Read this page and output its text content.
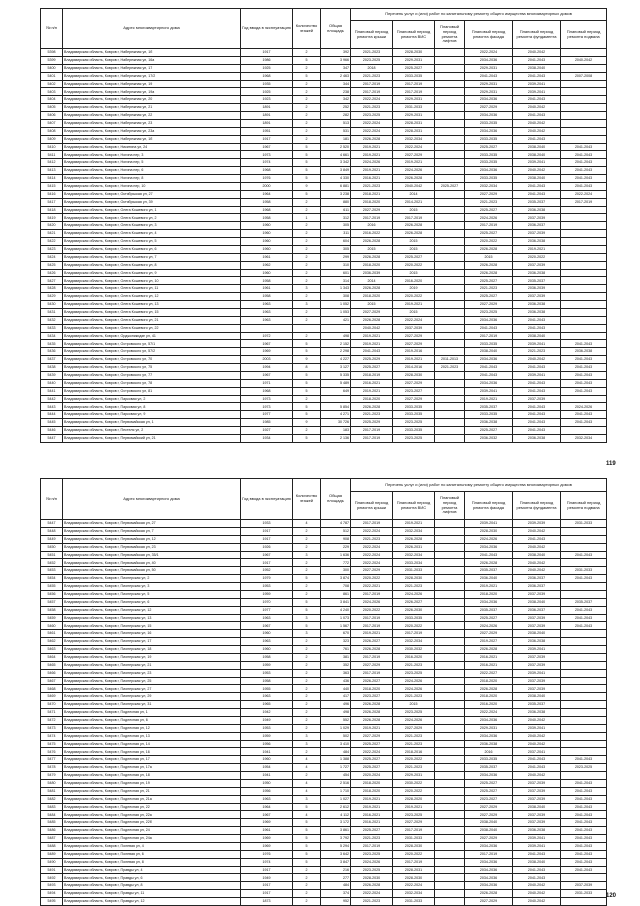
№ п/п	Адрес многоквартирного дома	Год ввода в эксплуатацию	Количество этажей	Общая площадь	Перечень услуг и (или) работ по капитальному ремонту общего имущества многоквартирных домов					
					Плановый период ремонта крыши	Плановый период ремонта ВИС	Плановый период ремонта лифтов	Плановый период ремонта фасада	Плановый период ремонта фундамента	Плановый период ремонта подвала
5398	Владимирская область, Ковров г, Набережная ул, 1б	1917	2	392	2021-2023	2028-2030		2022-2024	2040-2042	
5399	Владимирская область, Ковров г, Набережная ул, 16а	1986	5	3 966	2023-2025	2029-2031		2034-2036	2041-2043	2040-2042
5400	Владимирская область, Ковров г, Набережная ул, 17	1925	2	347	2018	2025-2027		2029-2031	2038-2040	
5401	Владимирская область, Ковров г, Набережная ул, 17/2	1968	5	2 463	2021-2023	2033-2035		2041-2043	2041-2043	2007-2008
5402	Владимирская область, Ковров г, Набережная ул, 19	1935	2	344	2017-2019	2017-2019		2029-2031	2039-2041	
5403	Владимирская область, Ковров г, Набережная ул, 19а	1925	2	238	2017-2019	2017-2019		2029-2031	2039-2041	
5404	Владимирская область, Ковров г, Набережная ул, 20	1923	2	342	2022-2024	2029-2031		2034-2036	2041-2043	
5405	Владимирская область, Ковров г, Набережная ул, 21	1891	2	252	2021-2023	2031-2033		2027-2029	2040-2042	
5406	Владимирская область, Ковров г, Набережная ул, 22	1891	2	282	2023-2025	2029-2031		2034-2036	2041-2043	
5407	Владимирская область, Ковров г, Набережная ул, 23	1891	2	513	2022-2024	2028-2031		2033-2035	2040-2042	
5408	Владимирская область, Ковров г, Набережная ул, 23а	1951	2	531	2022-2024	2028-2031		2034-2036	2040-2042	
5409	Владимирская область, Ковров г, Набережная ул, 1б	1917	2	181	2026-2028	2032-2034		2033-2035	2041-2043	
5410	Владимирская область, Ковров г, Никитина ул, 24	1967	5	2 520	2019-2021	2022-2024		2025-2027	2038-2040	2041-2043
5411	Владимирская область, Ковров г, Ногина пер, 3	1973	5	4 661	2019-2021	2027-2029		2033-2035	2038-2040	2041-2043
5412	Владимирская область, Ковров г, Ногина пер, 5	1974	5	3 342	2024-2026	2019-2021		2033-2035	2039-2041	2041-2043
5413	Владимирская область, Ковров г, Ногина пер, 6	1968	5	3 849	2019-2021	2024-2026		2034-2036	2040-2042	2041-2043
5414	Владимирская область, Ковров г, Ногина пер, 8	1976	5	4 330	2016-2021	2026-2028		2033-2035	2038-2040	2041-2043
5415	Владимирская область, Ковров г, Ногина пер, 10	2000	9	6 881	2021-2023	2040-2042	2025-2027	2032-2034	2041-2043	2041-2043
5416	Владимирская область, Ковров г, Октябрьская ул, 27	1964	5	3 238	2018-2021	2014		2027-2029	2041-2043	2022-2024
5417	Владимирская область, Ковров г, Октябрьская ул, 39	1958	2	880	2018-2020	2014-2021		2021-2023	2035-2037	2017-2019
5418	Владимирская область, Ковров г, Олега Кошевого ул, 1	1968	2	611	2027-2029	2015		2025-2027	2036-2038	
5419	Владимирская область, Ковров г, Олега Кошевого ул, 2	1958	1	312	2017-2019	2017-2019		2024-2026	2037-2039	
5420	Владимирская область, Ковров г, Олега Кошевого ул, 3	1960	2	305	2016	2026-2028		2017-2019	2036-2037	
5421	Владимирская область, Ковров г, Олега Кошевого ул, 4	1960	2	311	2016-2022	2026-2028		2025-2027	2037-2039	
5422	Владимирская область, Ковров г, Олега Кошевого ул, 5	1960	2	604	2026-2028	2015		2020-2022	2036-2038	
5423	Владимирская область, Ковров г, Олега Кошевого ул, 6	1960	2	305	2015	2015		2026-2028	2019-2021	
5424	Владимирская область, Ковров г, Олега Кошевого ул, 7	1961	2	299	2026-2028	2025-2027		2015	2020-2022	
5425	Владимирская область, Ковров г, Олега Кошевого ул, 8	1962	2	310	2018-2020	2020-2022		2026-2028	2037-2039	
5426	Владимирская область, Ковров г, Олега Кошевого ул, 9	1960	2	601	2036-2039	2015		2026-2028	2036-2038	
5427	Владимирская область, Ковров г, Олега Кошевого ул, 10	1958	2	314	2014	2016-2020		2025-2027	2035-2037	
5428	Владимирская область, Ковров г, Олега Кошевого ул, 11	1961	3	1 343	2026-2028	2019		2021-2023	2036-2039	
5429	Владимирская область, Ковров г, Олега Кошевого ул, 12	1958	2	308	2018-2020	2020-2022		2025-2027	2037-2039	
5430	Владимирская область, Ковров г, Олега Кошевого ул, 13	1963	3	1 052	2015	2019-2021		2027-2029	2036-2038	
5431	Владимирская область, Ковров г, Олега Кошевого ул, 15	1963	2	1 053	2027-2029	2015		2023-2025	2036-2038	
5432	Владимирская область, Ковров г, Олега Кошевого ул, 21	1963	2	421	2026-2028	2022-2024		2034-2036	2041-2043	
5433	Владимирская область, Ковров г, Олега Кошевого ул, 22				2040-2042	2037-2039		2041-2043	2041-2043	
5434	Владимирская область, Ковров г, Орджоникидзе ул, 41	1972	2	498	2019-2021	2027-2029		2017-2019	2038-2040	
5435	Владимирская область, Ковров г, Островского ул, 57/1	1967	5	2 152	2019-2021	2027-2029		2033-2035	2039-2041	2041-2043
5436	Владимирская область, Ковров г, Островского ул, 57/2	1969	5	2 298	2041-2043	2019-2016		2038-2040	2021-2023	2036-2038
5437	Владимирская область, Ковров г, Островского ул, 70	2003	9	4 227	2025-2029	2019-2021	2011-2013	2034-2036	2040-2042	2041-2043
5438	Владимирская область, Ковров г, Островского ул, 75	1994	8	3 127	2025-2027	2014-2016	2021-2023	2041-2043	2041-2043	2041-2043
5439	Владимирская область, Ковров г, Островского ул, 77	1967	5	5 335	2018-2019	2028-2030		2041-2043	2039-2041	2041-2043
5440	Владимирская область, Ковров г, Островского ул, 78	1971	5	5 489	2016-2021	2027-2029		2034-2036	2041-2043	2041-2043
5441	Владимирская область, Ковров г, Островского ул, 81	1968	5	649	2019-2021	2023-2027		2039-2041	2041-2043	2041-2043
5442	Владимирская область, Ковров г, Парковая ул, 2	1973	2		2018-2020	2027-2029		2019-2021	2037-2039	
5443	Владимирская область, Ковров г, Парковая ул, 8	1973	5	5 854	2026-2028	2033-2035		2035-2037	2041-2043	2024-2026
5444	Владимирская область, Ковров г, Парковая ул, 9	1977	5	4 271	2021-2023	2033-2035		2033-2035	2041-2043	2041-2043
5445	Владимирская область, Ковров г, Первомайская ул, 1	1985	9	30 726	2025-2029	2023-2025		2036-2038	2041-2043	2041-2043
5446	Владимирская область, Ковров г, Пестеля ул, 2	1927	2	183	2017-2019	2033-2035		2025-2027	2041-2043	
5447	Владимирская область, Ковров г, Первомайский ул, 21	1934	5	2 136	2017-2019	2023-2025		2036-2032	2036-2038	2032-2034
119
№ п/п	Адрес многоквартирного дома	Год ввода в эксплуатацию	Количество этажей	Общая площадь	Перечень услуг и (или) работ по капитальному ремонту общего имущества многоквартирных домов					
					Плановый период ремонта крыши	Плановый период ремонта ВИС	Плановый период ремонта лифтов	Плановый период ремонта фасада	Плановый период ремонта фундамента	Плановый период ремонта подвала
5447	Владимирская область, Ковров г, Первомайская ул, 27	1933	4	4 787	2017-2019	2019-2021		2039-2041	2039-2039	2031-2033
5448	Владимирская область, Ковров г, Первомайская ул, 7	1917	2	512	2022-2024	2032-2034		2028-2030	2040-2042	
5449	Владимирская область, Ковров г, Первомайская ул, 12	1917	2	908	2021-2023	2026-2028		2024-2026	2041-2043	
5450	Владимирская область, Ковров г, Первомайская ул, 23	1926	2	229	2022-2024	2026-2031		2034-2036	2040-2042	
5451	Владимирская область, Ковров г, Первомайская ул, 35/1	1967	3	1 636	2022-2024	2032-2034		2041-2043	2038-2040	2041-2043
5452	Владимирская область, Ковров г, Первомайская ул, 40	1917	2	772	2022-2024	2033-2034		2026-2028	2040-2042	
5453	Владимирская область, Ковров г, Первомайская ул, 50	1952	2	300	2027-2029	2031-2033		2035-2037	2040-2042	2031-2033
5454	Владимирская область, Ковров г, Пионерская ул, 2	1979	5	3 874	2020-2022	2028-2030		2036-2040	2036-2037	2041-2043
5455	Владимирская область, Ковров г, Пионерская ул, 3	1953	2	708	2022-2021	2021-2023		2019-2021	2036-2037	
5456	Владимирская область, Ковров г, Пионерская ул, 5	1959	2	861	2017-2019	2024-2026		2018-2020	2037-2039	
5457	Владимирская область, Ковров г, Пионерская ул, 6	1970	5	3 841	2024-2026	2026-2027		2034-2036	2038-2040	2035-2037
5458	Владимирская область, Ковров г, Пионерская ул, 12	1977	5	4 240	2020-2022	2026-2030		2035-2037	2036-2037	2041-2043
5459	Владимирская область, Ковров г, Пионерская ул, 13	1963	3	1 073	2017-2019	2033-2035		2025-2027	2037-2039	2041-2043
5460	Владимирская область, Ковров г, Пионерская ул, 15	1967	5	1 567	2017-2019	2020-2022		2024-2026	2037-2039	2041-2043
5461	Владимирская область, Ковров г, Пионерская ул, 16	1960	3	670	2019-2021	2017-2019		2027-2029	2038-2040	
5462	Владимирская область, Ковров г, Пионерская ул, 17	1963	2	323	2026-2027	2032-2034		2019-2027	2036-2038	
5463	Владимирская область, Ковров г, Пионерская ул, 18	1960	2	761	2026-2028	2030-2032		2026-2028	2039-2041	
5464	Владимирская область, Ковров г, Пионерская ул, 19	1958	2	381	2017-2019	2016-2020		2016-2021	2037-2039	
5465	Владимирская область, Ковров г, Пионерская ул, 21	1959	2	352	2027-2029	2021-2023		2016-2021	2037-2039	
5466	Владимирская область, Ковров г, Пионерская ул, 23	1953	2	363	2017-2019	2023-2025		2022-2027	2039-2041	
5467	Владимирская область, Ковров г, Пионерская ул, 25	1958	2	436	2026-2027	2024-2026		2018-2020	2037-2039	
5468	Владимирская область, Ковров г, Пионерская ул, 27	1955	2	440	2018-2020	2024-2026		2026-2028	2037-2039	
5469	Владимирская область, Ковров г, Пионерская ул, 29	1963	2	417	2023-2027	2021-2023		2018-2020	2038-2040	
5470	Владимирская область, Ковров г, Пионерская ул, 31	1965	2	496	2026-2028	2015		2016-2020	2035-2037	
5471	Владимирская область, Ковров г, Подлесная ул, 1	1942	2	498	2026-2028	2023-2025		2022-2024	2036-2038	
5472	Владимирская область, Ковров г, Подлесная ул, 6	1949	2	552	2026-2028	2024-2026		2034-2036	2040-2042	
5473	Владимирская область, Ковров г, Подлесная ул, 12	1953	2	1 029	2019-2021	2027-2029		2029-2031	2039-2041	
5474	Владимирская область, Ковров г, Подлесная ул, 13	1959	3	502	2027-2029	2021-2023		2034-2036	2040-2042	
5475	Владимирская область, Ковров г, Подлесная ул, 14	1956	3	3 410	2025-2027	2021-2023		2036-2038	2040-2042	
5476	Владимирская область, Ковров г, Подлесная ул, 16	1941	2	484	2022-2024	2018-2016		2016	2037-2041	
5477	Владимирская область, Ковров г, Подлесная ул, 17	1960	4	1 388	2025-2027	2020-2022		2033-2035	2041-2043	2041-2043
5478	Владимирская область, Ковров г, Подлесная ул, 17а	1954	4	1 727	2025-2027	2021-2023		2035-2037	2041-2043	2023-2025
5479	Владимирская область, Ковров г, Подлесная ул, 18	1941	2	454	2020-2024	2029-2031		2034-2036	2040-2042	
5480	Владимирская область, Ковров г, Подлесная ул, 19	1950	4	2 516	2018-2020	2030-2022		2025-2027	2037-2039	2041-2043
5481	Владимирская область, Ковров г, Подлесная ул, 21	1956	4	1 710	2018-2020	2020-2022		2025-2027	2037-2039	2041-2043
5482	Владимирская область, Ковров г, Подлесная ул, 21а	1963	3	1 027	2019-2021	2028-2020		2023-2027	2037-2039	2041-2043
5483	Владимирская область, Ковров г, Подлесная ул, 22	1964	5	2 612	2019-2021	2019-2021		2027-2029	2038-2040	2041-2043
5484	Владимирская область, Ковров г, Подлесная ул, 22а	1967	4	4 112	2016-2021	2023-2025		2027-2029	2037-2039	2041-2043
5485	Владимирская область, Ковров г, Подлесная ул, 22б	1969	5	3 172	2016-2021	2027-2029		2038-2040	2037-2039	2041-2043
5486	Владимирская область, Ковров г, Подлесная ул, 24	1961	5	3 861	2025-2027	2017-2019		2038-2040	2036-2038	2041-2043
5487	Владимирская область, Ковров г, Подлесная ул, 24а	1969	5	3 792	2021-2023	2031-2033		2027-2029	2039-2041	2041-2043
5488	Владимирская область, Ковров г, Полевая ул, 4	1969	5	5 294	2017-2019	2028-2030		2034-2036	2039-2041	2041-2043
5489	Владимирская область, Ковров г, Полевая ул, 6	1976	5	3 642	2023-2025	2020-2022		2017-2019	2041-2043	2041-2043
5490	Владимирская область, Ковров г, Полевая ул, 8	1974	5	3 847	2024-2026	2017-2019		2034-2036	2038-2040	2041-2043
5491	Владимирская область, Ковров г, Правды ул, 4	1917	2	216	2023-2025	2028-2031		2034-2036	2041-2043	2041-2043
5492	Владимирская область, Ковров г, Правды ул, 6	1949	2	277	2028-2030	2028-2030		2034-2036	2041-2043	
5493	Владимирская область, Ковров г, Правды ул, 8	1917	2	484	2026-2028	2022-2024		2034-2036	2040-2042	2037-2039
5494	Владимирская область, Ковров г, Правды ул, 11	1917	2	374	2022-2024	2032-2034		2026-2028	2040-2042	2031-2033
5495	Владимирская область, Ковров г, Правды ул, 12	1873	2	952	2021-2023	2031-2033		2027-2029	2040-2042	
120
